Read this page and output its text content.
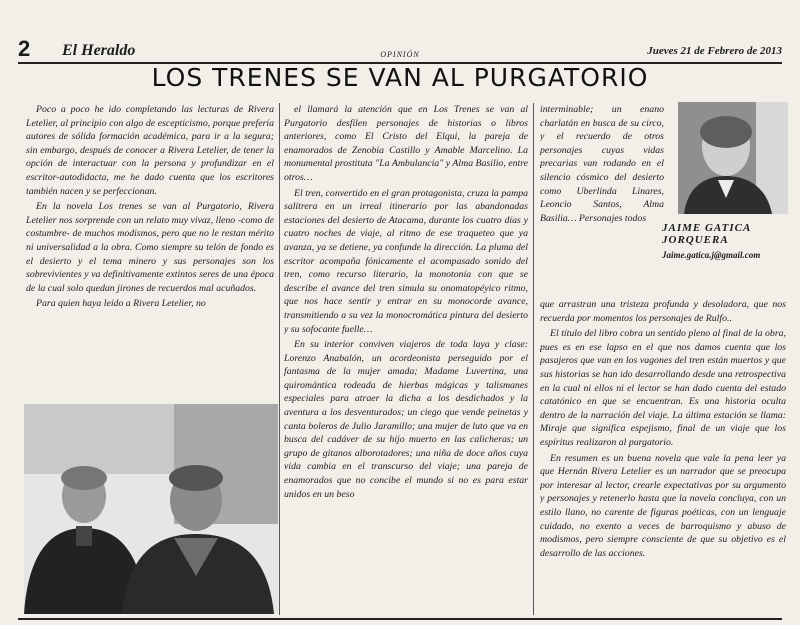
2 El Heraldo	OPINIÓN	Jueves 21 de Febrero de 2013
LOS TRENES SE VAN AL PURGATORIO

Poco a poco he ido completando las lecturas de Rivera Letelier, al principio con algo de escepticismo, porque prefería autores de sólida formación académica, para ir a la segura; sin embargo, después de conocer a Rivera Letelier, de tener la opción de interactuar con la persona y profundizar en el escritor-autodidacta, me he dado cuenta que los escritores también nacen y se perfeccionan.

En la novela Los trenes se van al Purgatorio, Rivera Letelier nos sorprende con un relato muy vivaz, lleno -como de costumbre- de muchos modismos, pero que no le restan mérito ni universalidad a la obra. Como siempre su telón de fondo es el desierto y el tema minero y sus personajes son los sobrevivientes y va definitivamente extintos seres de una época de la cual solo quedan jirones de recuerdos mal acuñados.

Para quien haya leído a Rivera Letelier, no

el llamará la atención que en Los Trenes se van al Purgatorio desfilen personajes de historias o libros anteriores, como El Cristo del Elqui, la pareja de enamorados de Zenobia Castillo y Amable Marcelino. La monumental prostituta "La Ambulancia" y Alma Basilio, entre otros…

El tren, convertido en el gran protagonista, cruza la pampa salitrera en un irreal itinerario por las abandonadas estaciones del desierto de Atacama, durante los cuatro días y cuatro noches de viaje, al ritmo de ese traqueteo que ya avanza, ya se detiene, ya confunde la dirección. La pluma del escritor acompaña fónicamente el acompasado sonido del tren, como recurso literario, la monotonía con que se describe el avance del tren simula su onomatopéyico ritmo, que nos hace sentir y entrar en su monocorde avance, transmitiendo a su vez la monocromática pintura del desierto y su sofocante fuelle…

En su interior conviven viajeros de toda laya y clase: Lorenzo Anabalón, un acordeonista perseguido por el fantasma de la mujer amada; Madame Luvertina, una quiromántica rodeada de hierbas mágicas y talismanes especiales para atraer la dicha a los desdichados y la aventura a los desventurados; un ciego que vende peinetas y canta boleros de Julio Jaramillo; una mujer de luto que va en busca del cadáver de su hijo muerto en las calicheras; un grupo de gitanos alborotadores; una niña de doce años cuya vida cambia en el transcurso del viaje; una pareja de enamorados que no concibe el mundo si no es para estar unidos en un beso

interminable; un enano charlatán en busca de su circo, y el recuerdo de otros personajes cuyas vidas precarias van rodando en el silencio cósmico del desierto como Uberlinda Linares, Leoncio Santos, Alma Basilia… Personajes todos

JAIME GATICA JORQUERA
Jaime.gatica.j@gmail.com

que arrastran una tristeza profunda y desoladora, que nos recuerda por momentos los personajes de Rulfo..

El título del libro cobra un sentido pleno al final de la obra, pues es en ese lapso en el que nos damos cuenta que los pasajeros que van en los vagones del tren están muertos y que sus historias se han ido desarrollando desde una retrospectiva en la cual ni ellos ni el lector se han dado cuenta del estado catatónico en que se encuentran. Es una historia oculta dentro de la narración del viaje. La última estación se llama: Miraje que significa espejismo, final de un viaje que los espíritus realizaron al purgatorio.

En resumen es un buena novela que vale la pena leer ya que Hernán Rivera Letelier es un narrador que se preocupa por interesar al lector, crearle expectativas por su argumento y personajes y retenerlo hasta que la novela concluya, con un estilo llano, no carente de figuras poéticas, con un lenguaje cuidado, no exento a veces de barroquismo y abuso de modismos, pero siempre consciente de que su objetivo es el desarrollo de las acciones.
